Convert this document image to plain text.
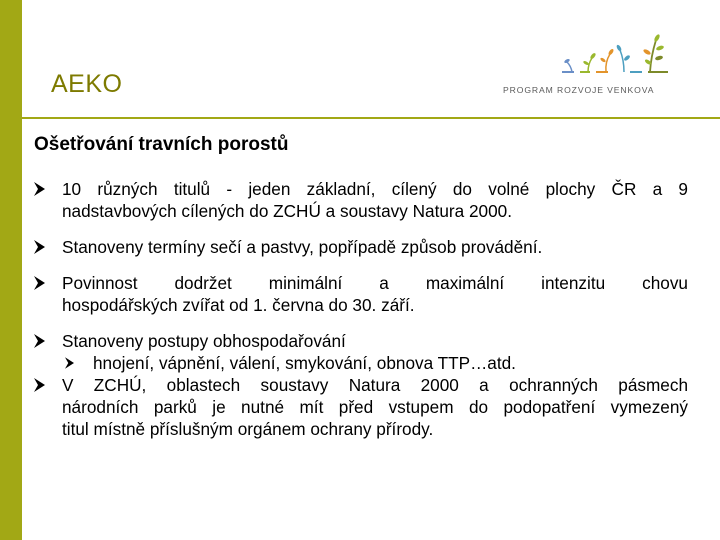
AEKO	PROGRAM ROZVOJE VENKOVA
Ošetřování travních porostů
10 různých titulů - jeden základní, cílený do volné plochy ČR a 9
nadstavbových cílených do ZCHÚ a soustavy Natura 2000.
Stanoveny termíny sečí a pastvy, popřípadě způsob provádění.
Povinnost dodržet minimální a maximální intenzitu chovu
hospodářských zvířat od 1. června do 30. září.
Stanoveny postupy obhospodařování
hnojení, vápnění, válení, smykování, obnova TTP…atd.
V ZCHÚ, oblastech soustavy Natura 2000 a ochranných pásmech
národních parků je nutné mít před vstupem do podopatření vymezený
titul místně příslušným orgánem ochrany přírody.
